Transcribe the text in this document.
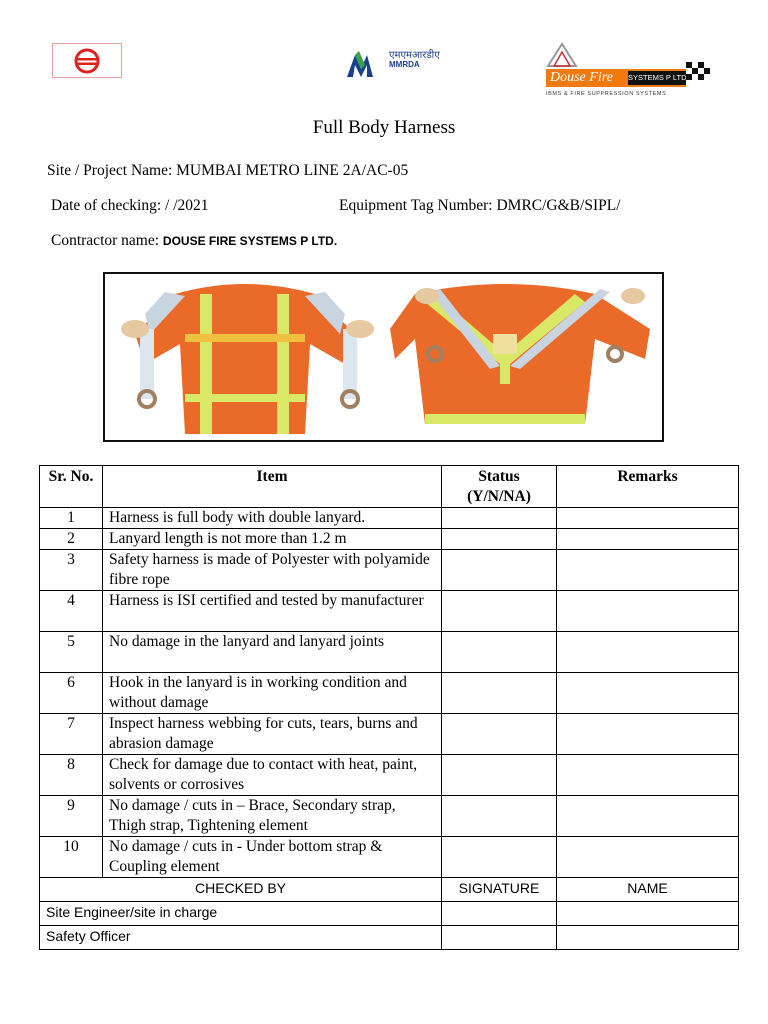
एमएमआरडीए
MMRDA
Douse Fire SYSTEMS P LTD
IBMS & FIRE SUPPRESSION SYSTEMS
Full Body Harness
Site / Project Name: MUMBAI METRO LINE 2A/AC-05
Date of checking: / /2021	Equipment Tag Number: DMRC/G&B/SIPL/
Contractor name: DOUSE FIRE SYSTEMS P LTD.
Sr. No.	Item	Status (Y/N/NA)	Remarks
1	Harness is full body with double lanyard.		
2	Lanyard length is not more than 1.2 m		
3	Safety harness is made of Polyester with polyamide fibre rope		
4	Harness is ISI certified and tested by manufacturer		
5	No damage in the lanyard and lanyard joints		
6	Hook in the lanyard is in working condition and without damage		
7	Inspect harness webbing for cuts, tears, burns and abrasion damage		
8	Check for damage due to contact with heat, paint, solvents or corrosives		
9	No damage / cuts in – Brace, Secondary strap, Thigh strap, Tightening element		
10	No damage / cuts in - Under bottom strap & Coupling element		
CHECKED BY		SIGNATURE	NAME
Site Engineer/site in charge			
Safety Officer			
